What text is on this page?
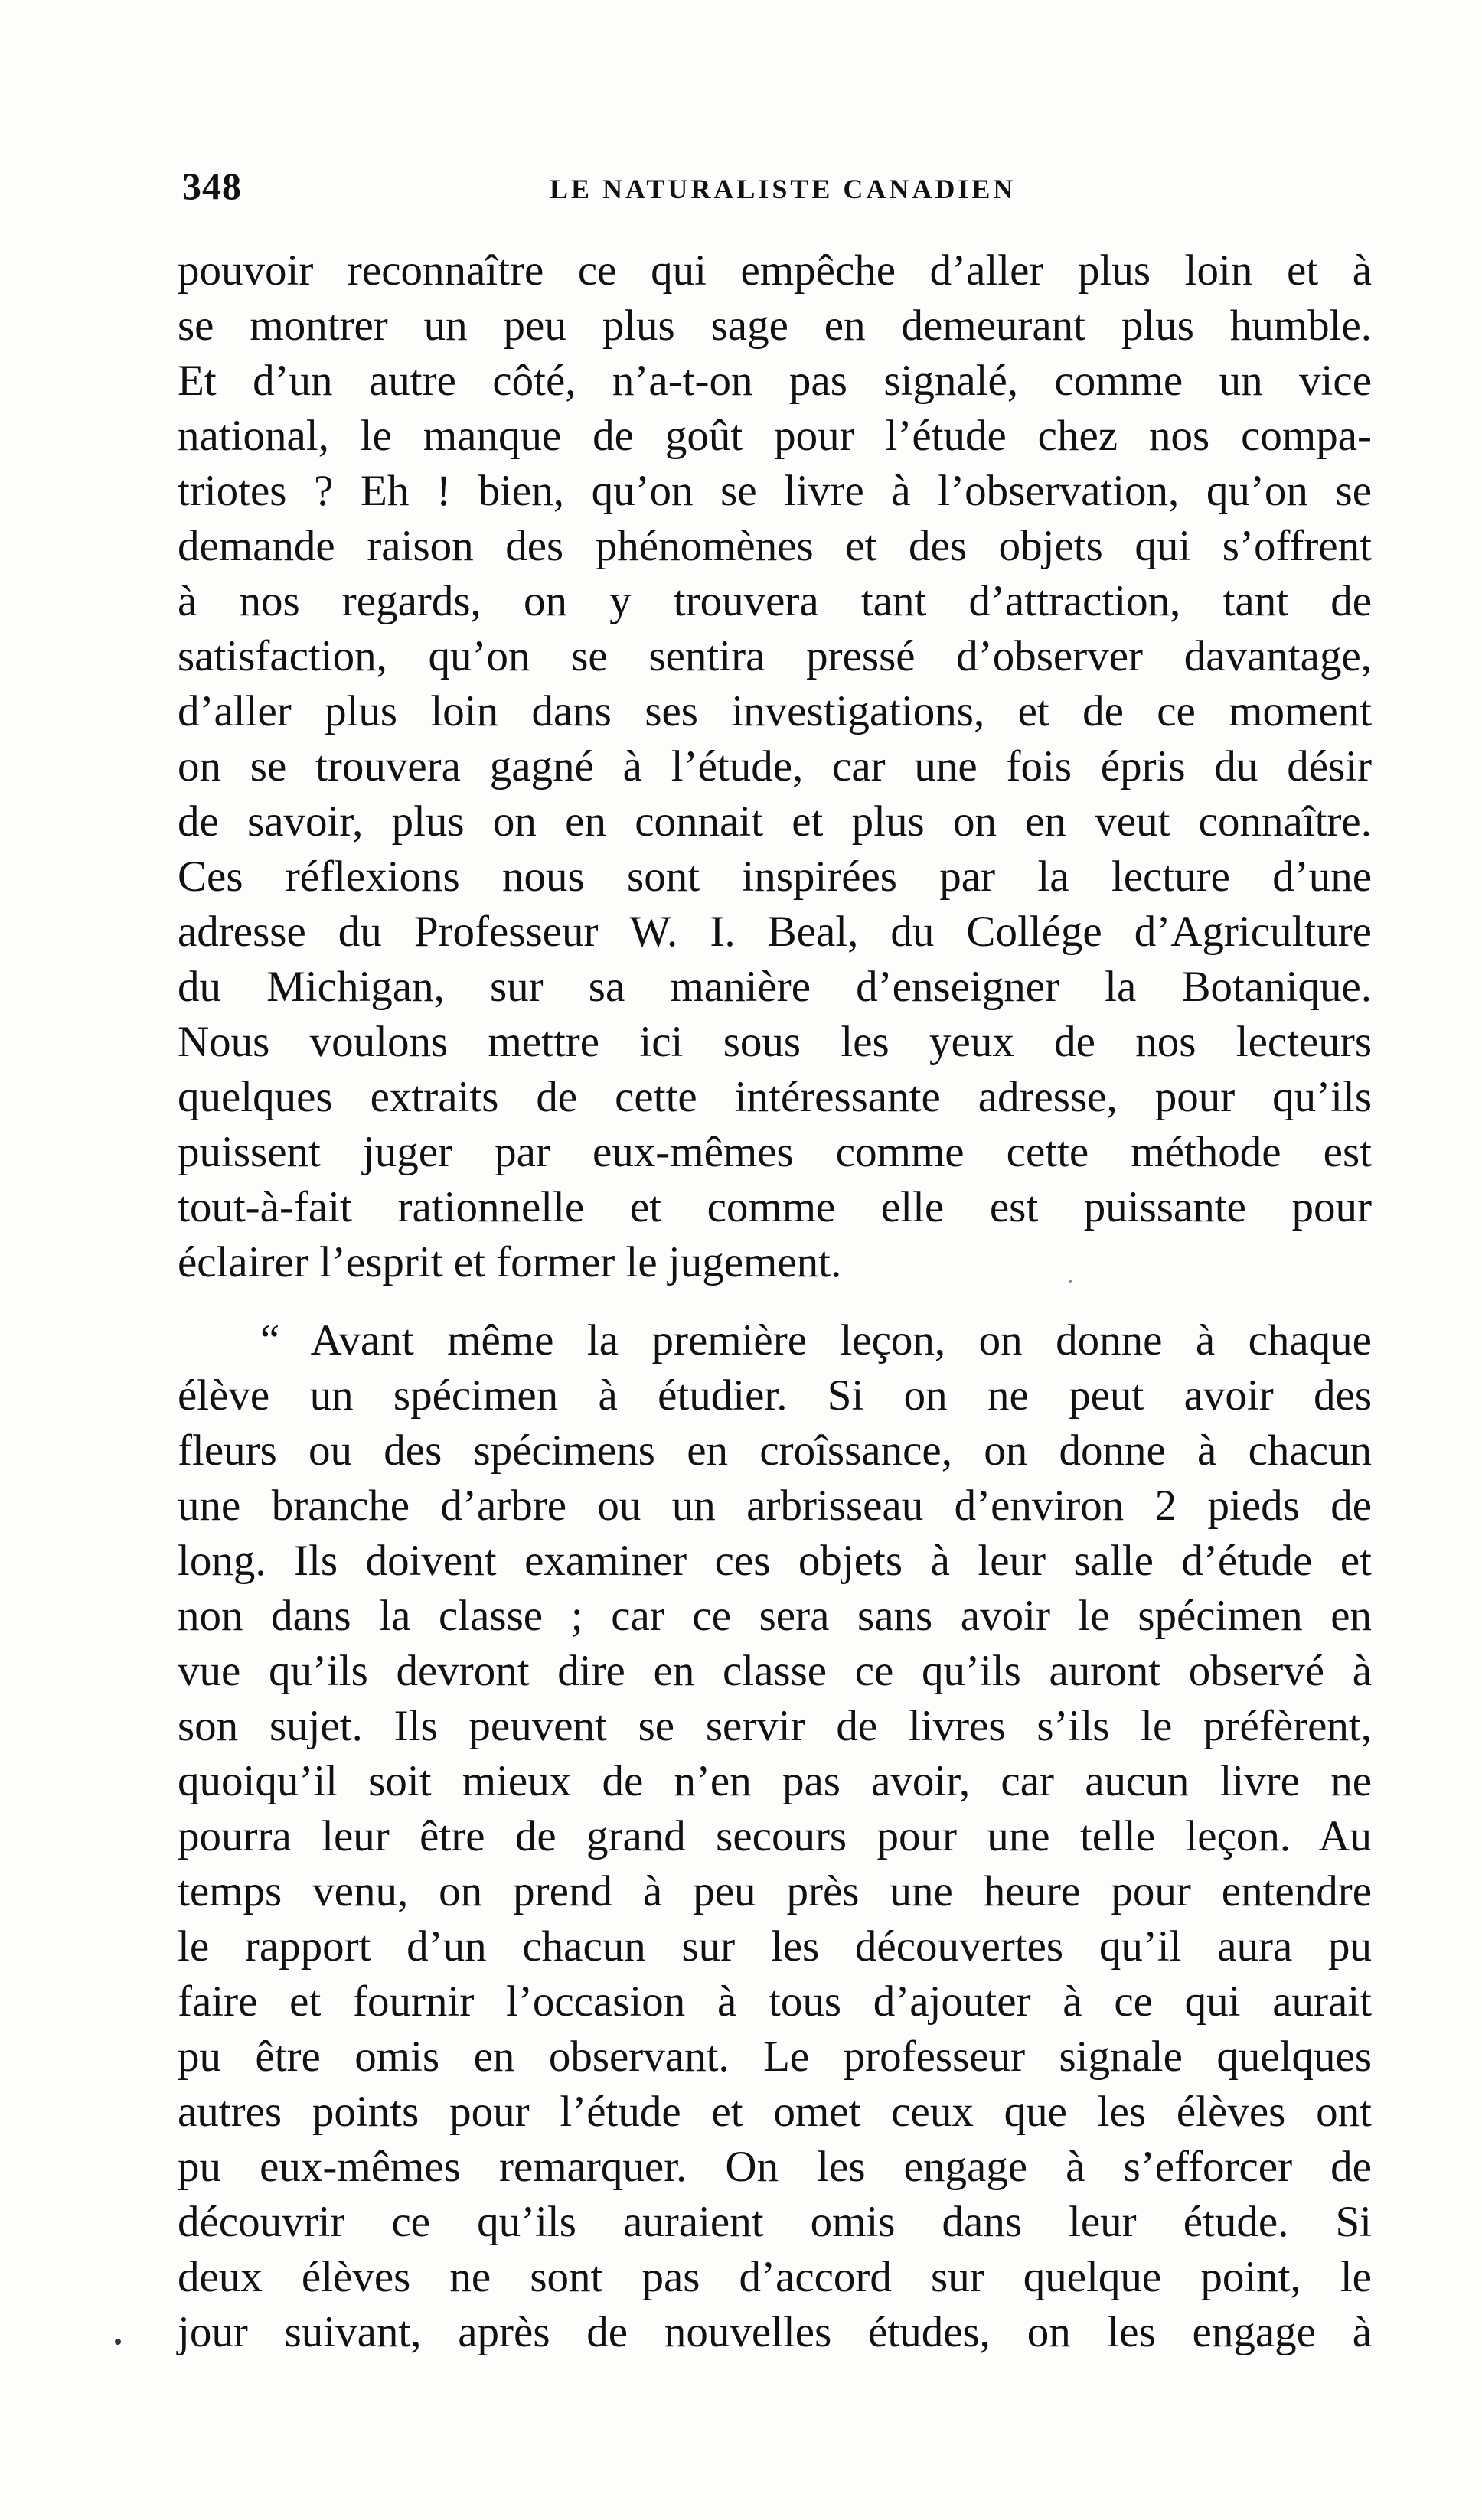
348	LE NATURALISTE CANADIEN
pouvoir reconnaître ce qui empêche d’aller plus loin et à
se montrer un peu plus sage en demeurant plus humble.
Et d’un autre côté, n’a-t-on pas signalé, comme un vice
national, le manque de goût pour l’étude chez nos compa-
triotes ? Eh ! bien, qu’on se livre à l’observation, qu’on se
demande raison des phénomènes et des objets qui s’offrent
à nos regards, on y trouvera tant d’attraction, tant de
satisfaction, qu’on se sentira pressé d’observer davantage,
d’aller plus loin dans ses investigations, et de ce moment
on se trouvera gagné à l’étude, car une fois épris du désir
de savoir, plus on en connait et plus on en veut connaître.
Ces réflexions nous sont inspirées par la lecture d’une
adresse du Professeur W. I. Beal, du Collége d’Agriculture
du Michigan, sur sa manière d’enseigner la Botanique.
Nous voulons mettre ici sous les yeux de nos lecteurs
quelques extraits de cette intéressante adresse, pour qu’ils
puissent juger par eux-mêmes comme cette méthode est
tout-à-fait rationnelle et comme elle est puissante pour
éclairer l’esprit et former le jugement.
“ Avant même la première leçon, on donne à chaque
élève un spécimen à étudier. Si on ne peut avoir des
fleurs ou des spécimens en croîssance, on donne à chacun
une branche d’arbre ou un arbrisseau d’environ 2 pieds de
long. Ils doivent examiner ces objets à leur salle d’étude et
non dans la classe ; car ce sera sans avoir le spécimen en
vue qu’ils devront dire en classe ce qu’ils auront observé à
son sujet. Ils peuvent se servir de livres s’ils le préfèrent,
quoiqu’il soit mieux de n’en pas avoir, car aucun livre ne
pourra leur être de grand secours pour une telle leçon. Au
temps venu, on prend à peu près une heure pour entendre
le rapport d’un chacun sur les découvertes qu’il aura pu
faire et fournir l’occasion à tous d’ajouter à ce qui aurait
pu être omis en observant. Le professeur signale quelques
autres points pour l’étude et omet ceux que les élèves ont
pu eux-mêmes remarquer. On les engage à s’efforcer de
découvrir ce qu’ils auraient omis dans leur étude. Si
deux élèves ne sont pas d’accord sur quelque point, le
jour suivant, après de nouvelles études, on les engage à
